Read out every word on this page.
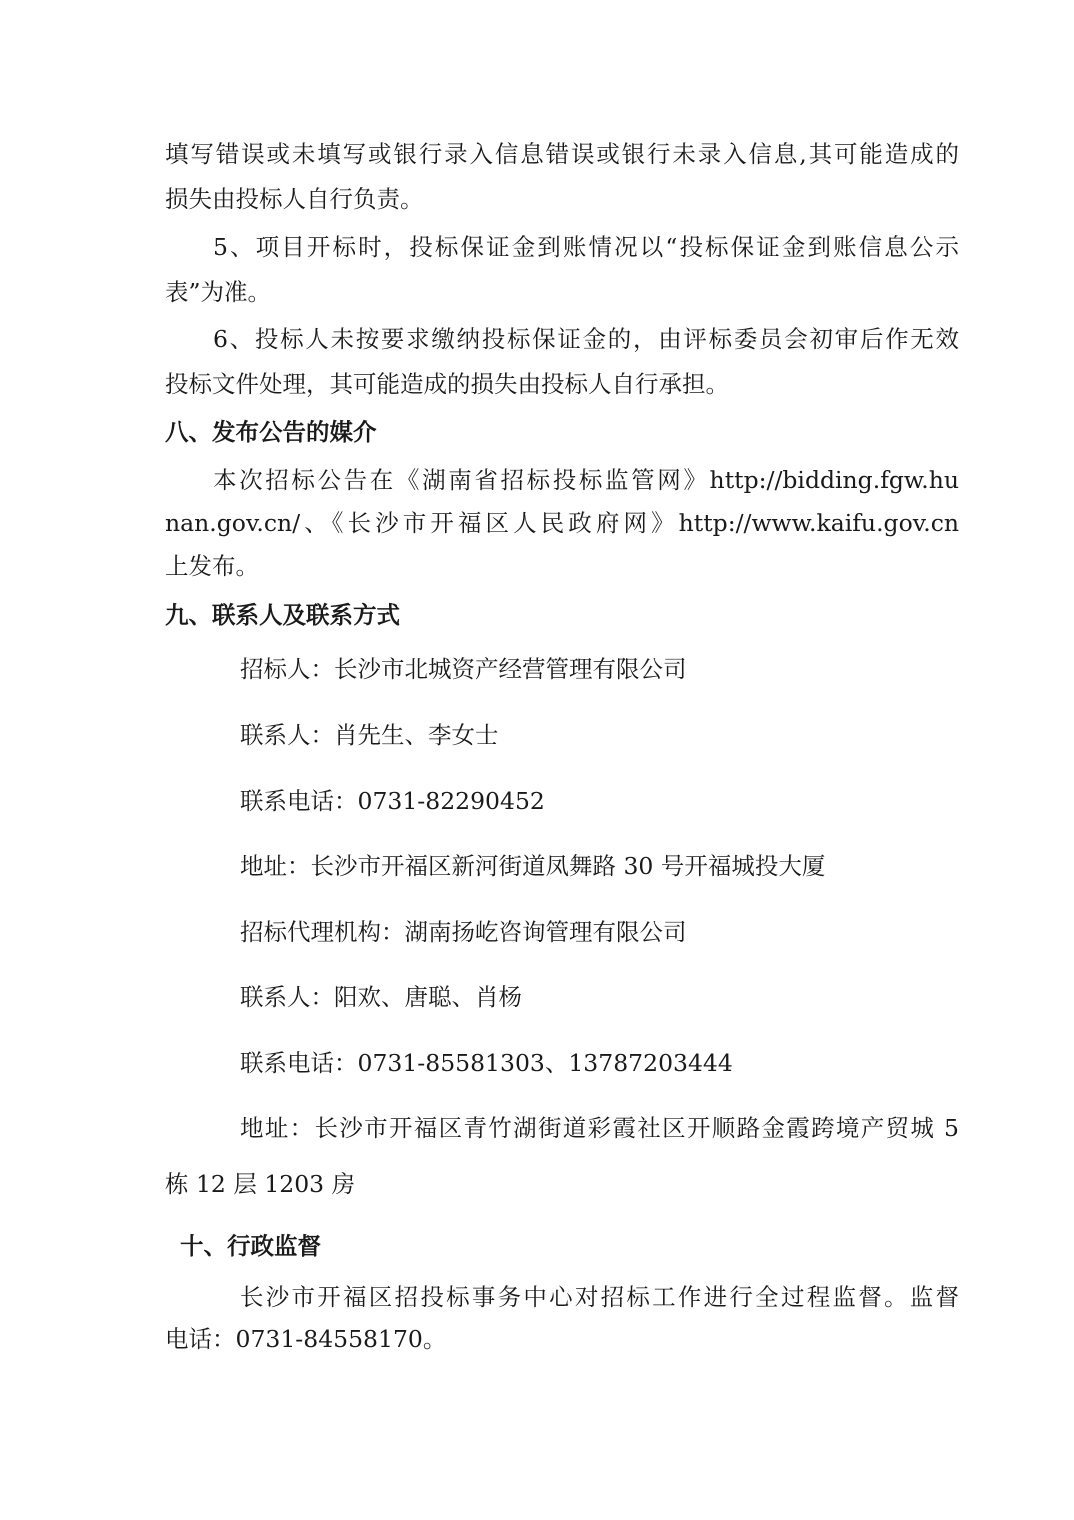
填写错误或未填写或银行录入信息错误或银行未录入信息,其可能造成的
损失由投标人自行负责。
5、项目开标时，投标保证金到账情况以“投标保证金到账信息公示
表”为准。
6、投标人未按要求缴纳投标保证金的，由评标委员会初审后作无效
投标文件处理，其可能造成的损失由投标人自行承担。
八、发布公告的媒介
本次招标公告在《湖南省招标投标监管网》http://bidding.fgw.hu
nan.gov.cn/、《长沙市开福区人民政府网》http://www.kaifu.gov.cn
上发布。
九、联系人及联系方式
招标人：长沙市北城资产经营管理有限公司
联系人：肖先生、李女士
联系电话：0731-82290452
地址：长沙市开福区新河街道凤舞路 30 号开福城投大厦
招标代理机构：湖南扬屹咨询管理有限公司
联系人：阳欢、唐聪、肖杨
联系电话：0731-85581303、13787203444
地址：长沙市开福区青竹湖街道彩霞社区开顺路金霞跨境产贸城 5
栋 12 层 1203 房
十、行政监督
长沙市开福区招投标事务中心对招标工作进行全过程监督。监督
电话：0731-84558170。
